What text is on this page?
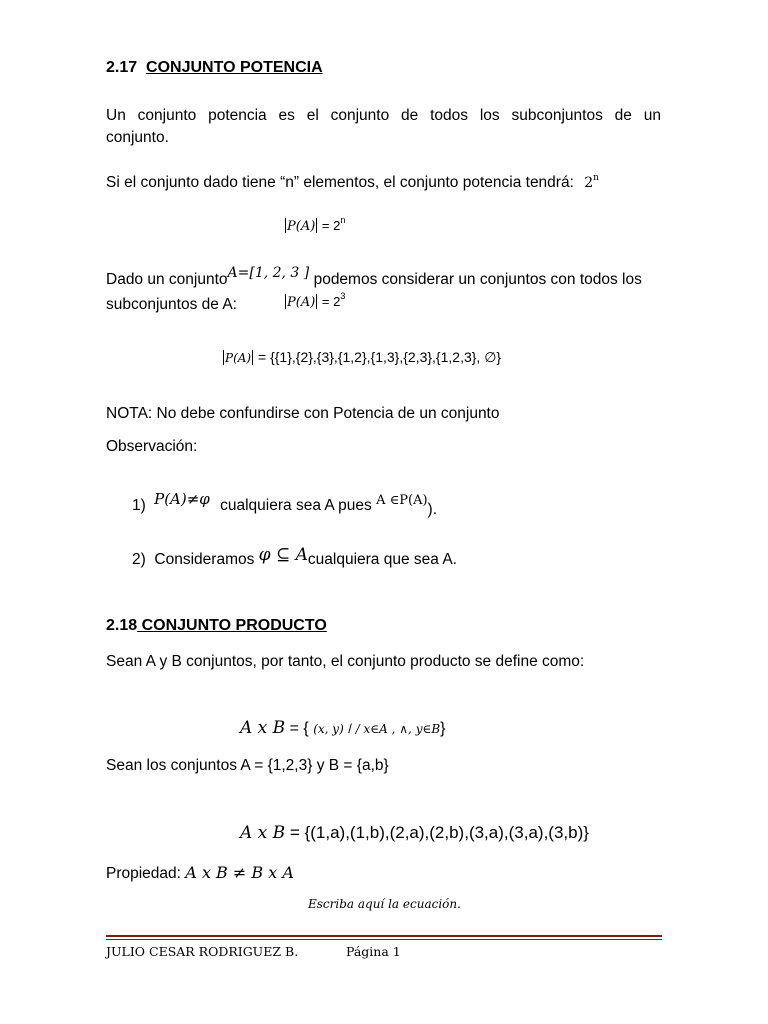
2.17 CONJUNTO POTENCIA
Un conjunto potencia es el conjunto de todos los subconjuntos de un
conjunto.
Si el conjunto dado tiene “n” elementos, el conjunto potencia tendrá: 2$^n$
$P(A) = 2^n$
Dado un conjuntoA=[1, 2, 3 ] podemos considerar un conjuntos con todos los
subconjuntos de A:	$P(A) = 2^3$
P(A) = {{1},{2},{3},{1,2},{1,3},{2,3},{1,2,3}, ∅}
NOTA: No debe confundirse con Potencia de un conjunto
Observación:
1) P(A)≠φ cualquiera sea A pues $^{A \in P(A)}$).
2) Consideramos φ ⊆ Acualquiera que sea A.
2.18 CONJUNTO PRODUCTO
Sean A y B conjuntos, por tanto, el conjunto producto se define como:
A x B = { (x, y) / / x∈A , ∧, y∈B}
Sean los conjuntos A = {1,2,3} y B = {a,b}
A x B = {(1,a),(1,b),(2,a),(2,b),(3,a),(3,a),(3,b)}
Propiedad: A x B ≠ B x A
Escriba aquí la ecuación.
JULIO CESAR RODRIGUEZ B.	Página 1
